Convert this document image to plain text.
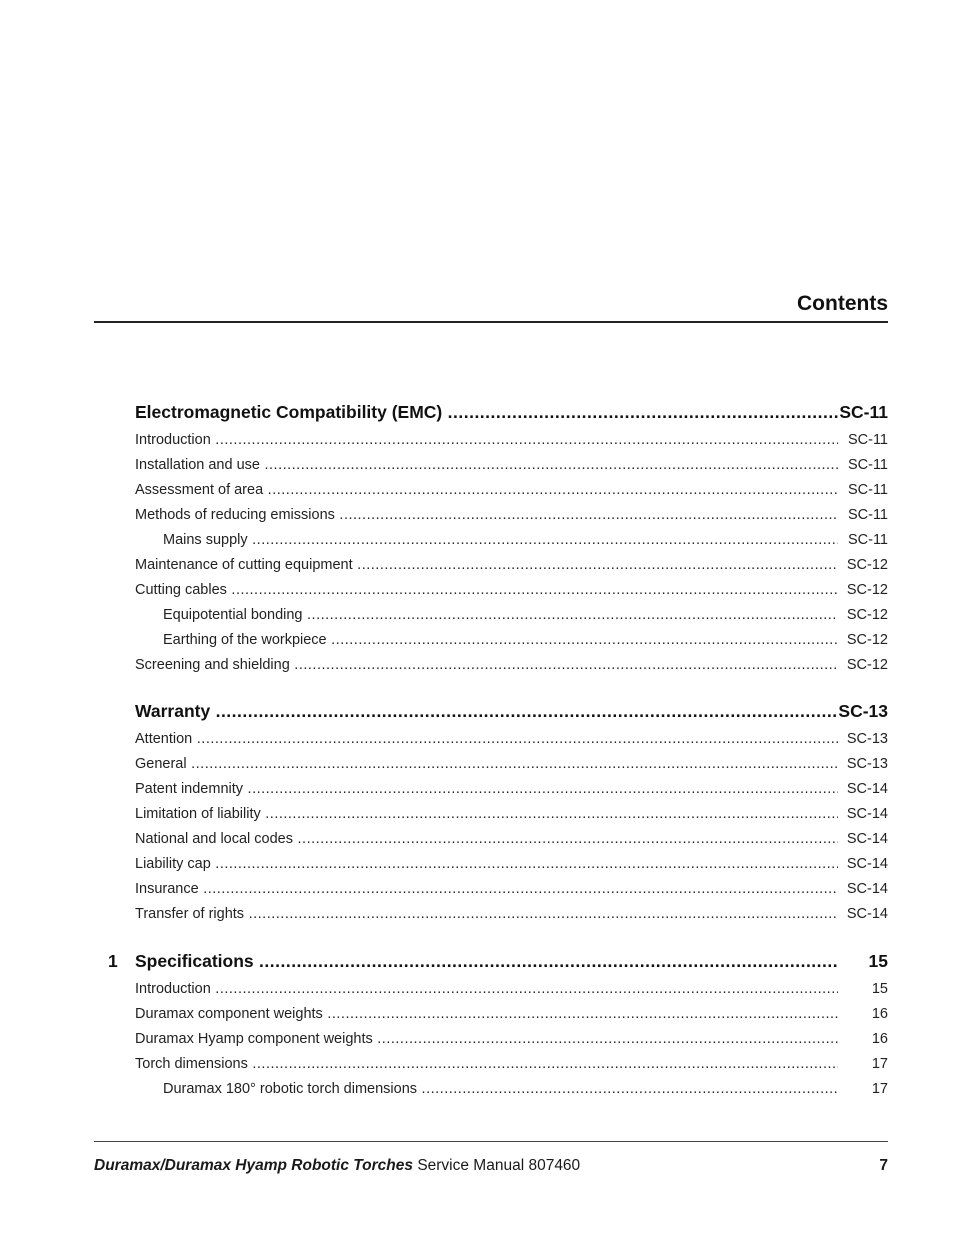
Contents
Electromagnetic Compatibility (EMC) .....	SC-11
Introduction .....	SC-11
Installation and use .....	SC-11
Assessment of area .....	SC-11
Methods of reducing emissions .....	SC-11
Mains supply .....	SC-11
Maintenance of cutting equipment .....	SC-12
Cutting cables .....	SC-12
Equipotential bonding .....	SC-12
Earthing of the workpiece .....	SC-12
Screening and shielding .....	SC-12
Warranty .....	SC-13
Attention .....	SC-13
General .....	SC-13
Patent indemnity .....	SC-14
Limitation of liability .....	SC-14
National and local codes .....	SC-14
Liability cap .....	SC-14
Insurance .....	SC-14
Transfer of rights .....	SC-14
1 Specifications .....	15
Introduction .....	15
Duramax component weights .....	16
Duramax Hyamp component weights .....	16
Torch dimensions .....	17
Duramax 180° robotic torch dimensions .....	17
Duramax/Duramax Hyamp Robotic Torches Service Manual 807460	7
